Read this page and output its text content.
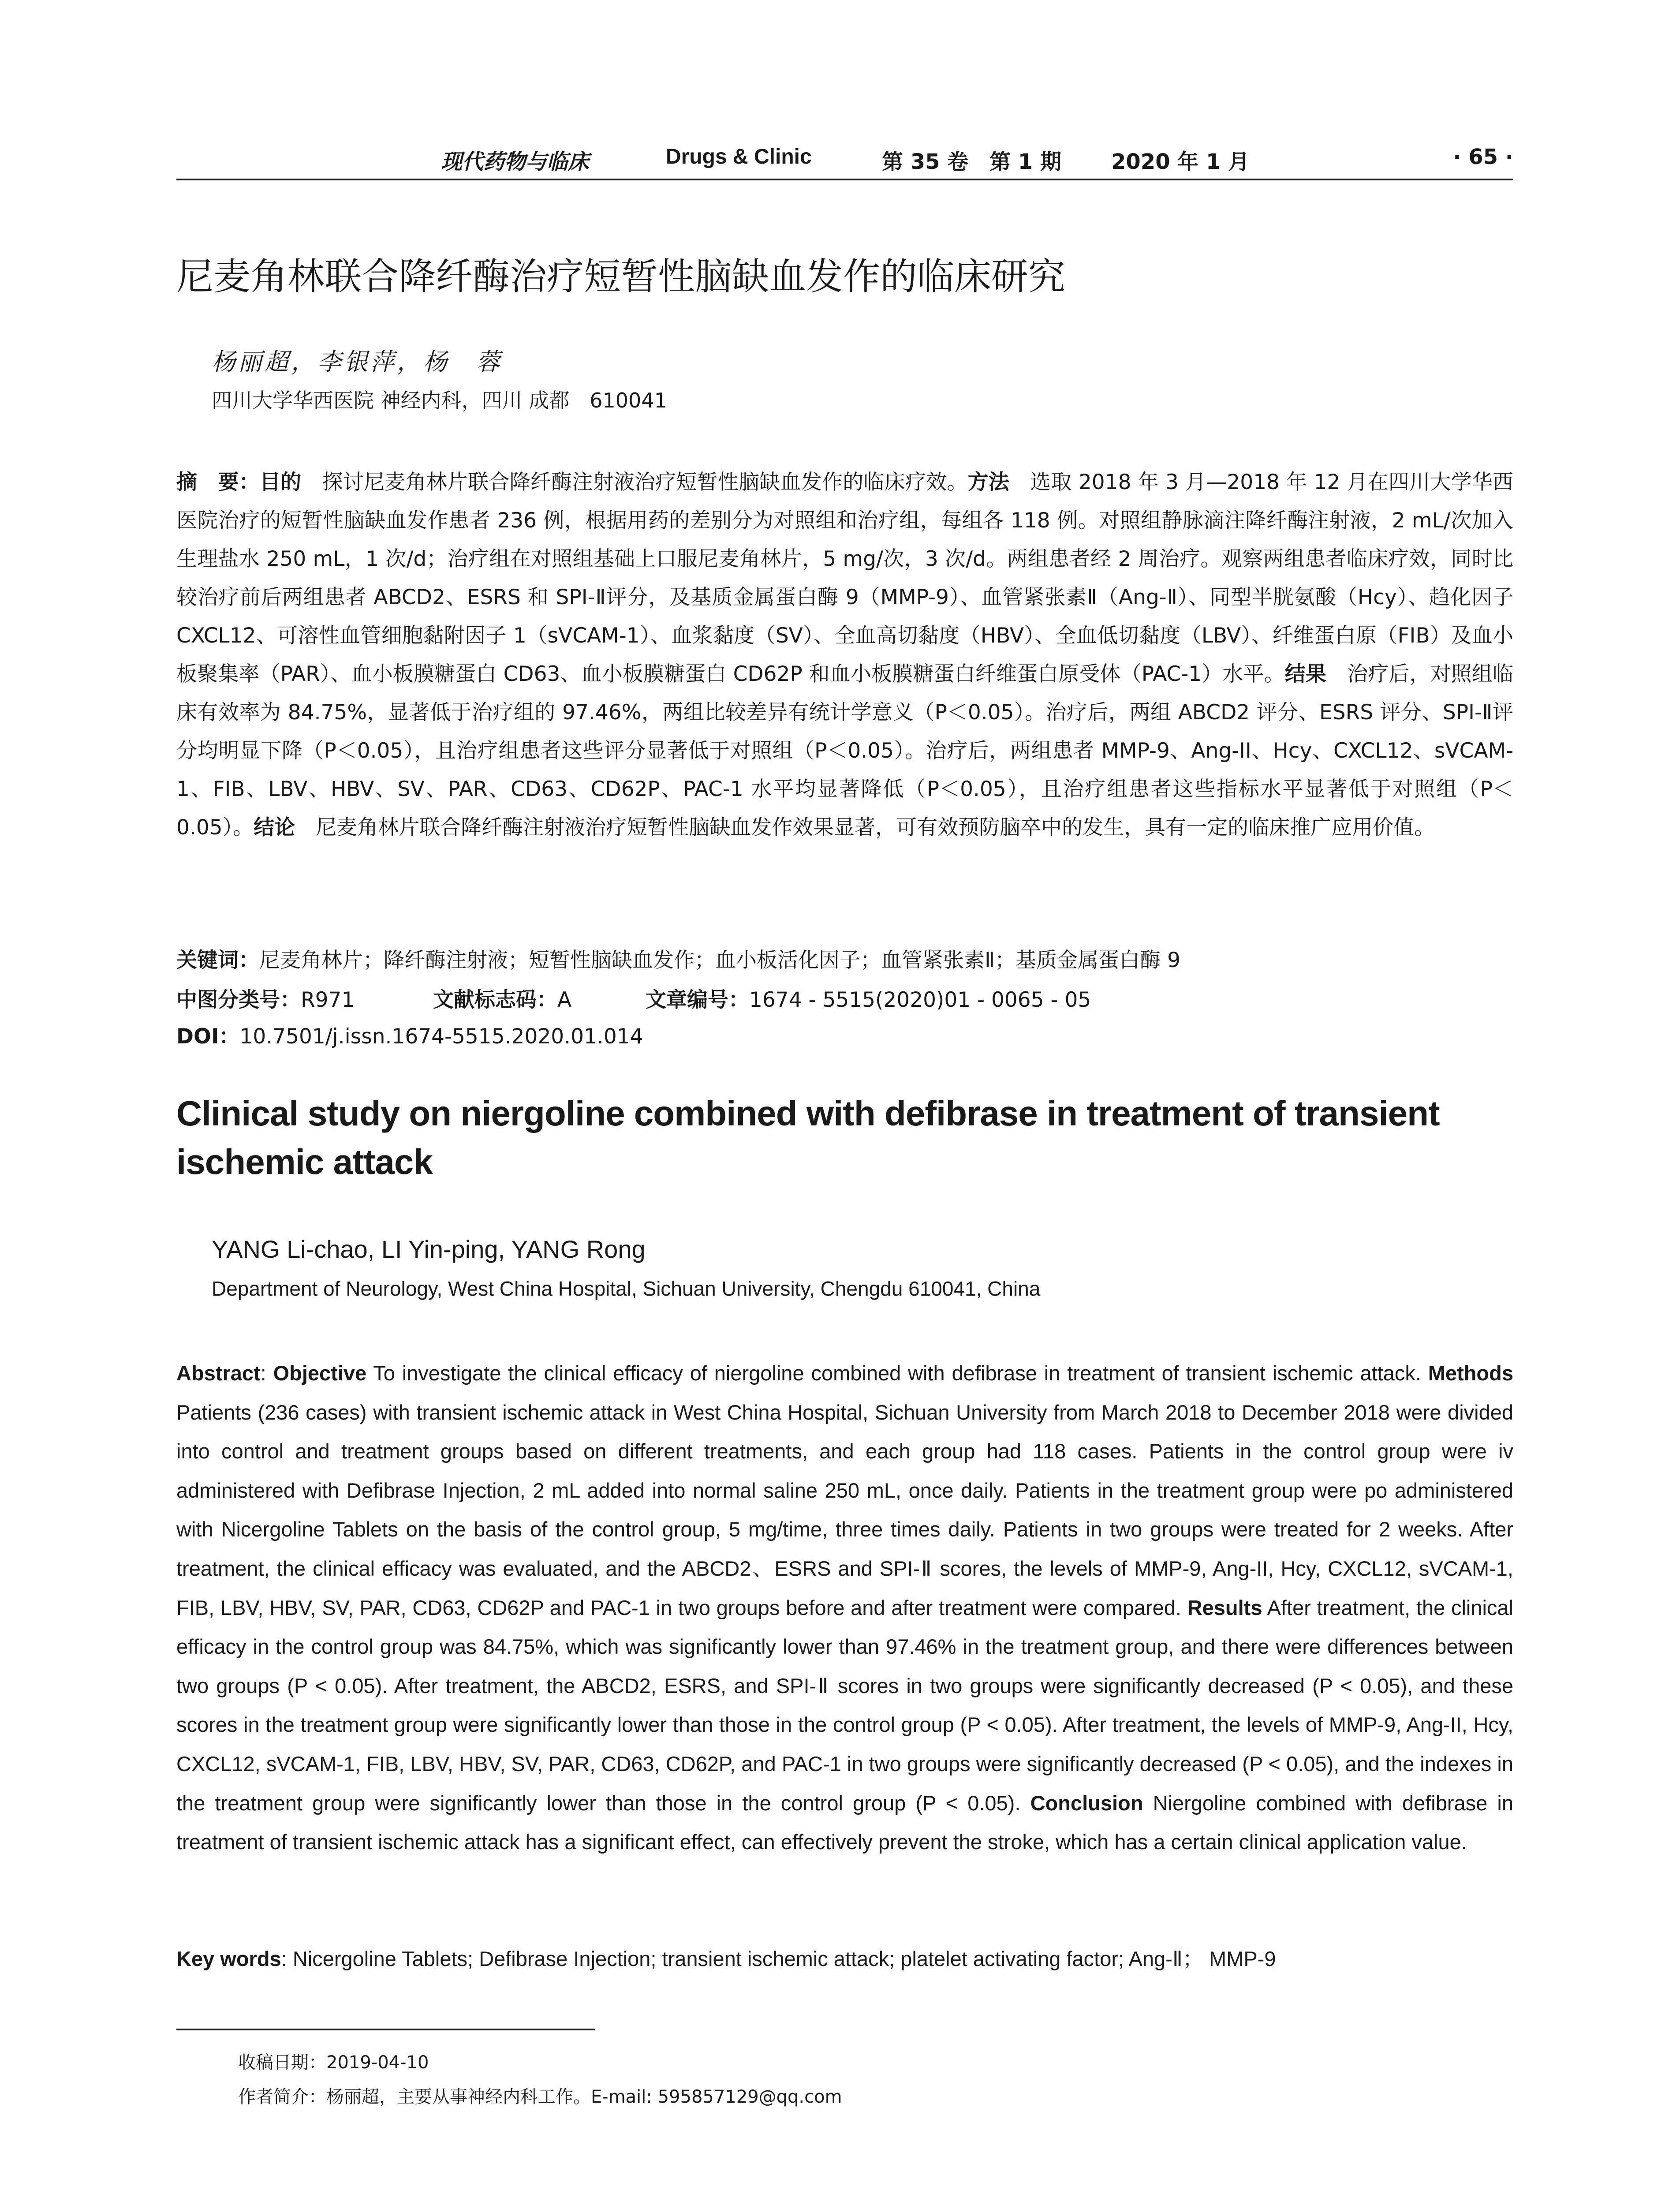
现代药物与临床	Drugs & Clinic	第 35 卷　第 1 期 2020 年 1 月	· 65 ·
尼麦角林联合降纤酶治疗短暂性脑缺血发作的临床研究
杨丽超，李银萍，杨　蓉
四川大学华西医院 神经内科，四川 成都　610041
摘　要：目的　探讨尼麦角林片联合降纤酶注射液治疗短暂性脑缺血发作的临床疗效。方法　选取 2018 年 3 月—2018 年 12 月在四川大学华西医院治疗的短暂性脑缺血发作患者 236 例，根据用药的差别分为对照组和治疗组，每组各 118 例。对照组静脉滴注降纤酶注射液，2 mL/次加入生理盐水 250 mL，1 次/d；治疗组在对照组基础上口服尼麦角林片，5 mg/次，3 次/d。两组患者经 2 周治疗。观察两组患者临床疗效，同时比较治疗前后两组患者 ABCD2、ESRS 和 SPI-Ⅱ评分，及基质金属蛋白酶 9（MMP-9）、血管紧张素Ⅱ（Ang-Ⅱ）、同型半胱氨酸（Hcy）、趋化因子 CXCL12、可溶性血管细胞黏附因子 1（sVCAM-1）、血浆黏度（SV）、全血高切黏度（HBV）、全血低切黏度（LBV）、纤维蛋白原（FIB）及血小板聚集率（PAR）、血小板膜糖蛋白 CD63、血小板膜糖蛋白 CD62P 和血小板膜糖蛋白纤维蛋白原受体（PAC-1）水平。结果　治疗后，对照组临床有效率为 84.75%，显著低于治疗组的 97.46%，两组比较差异有统计学意义（P＜0.05）。治疗后，两组 ABCD2 评分、ESRS 评分、SPI-Ⅱ评分均明显下降（P＜0.05），且治疗组患者这些评分显著低于对照组（P＜0.05）。治疗后，两组患者 MMP-9、Ang-II、Hcy、CXCL12、sVCAM-1、FIB、LBV、HBV、SV、PAR、CD63、CD62P、PAC-1 水平均显著降低（P＜0.05），且治疗组患者这些指标水平显著低于对照组（P＜0.05）。结论　尼麦角林片联合降纤酶注射液治疗短暂性脑缺血发作效果显著，可有效预防脑卒中的发生，具有一定的临床推广应用价值。
关键词：尼麦角林片；降纤酶注射液；短暂性脑缺血发作；血小板活化因子；血管紧张素Ⅱ；基质金属蛋白酶 9
中图分类号：R971	文献标志码：A	文章编号：1674 - 5515(2020)01 - 0065 - 05
DOI：10.7501/j.issn.1674-5515.2020.01.014
Clinical study on niergoline combined with defibrase in treatment of transient ischemic attack
YANG Li-chao, LI Yin-ping, YANG Rong
Department of Neurology, West China Hospital, Sichuan University, Chengdu 610041, China
Abstract: Objective To investigate the clinical efficacy of niergoline combined with defibrase in treatment of transient ischemic attack. Methods Patients (236 cases) with transient ischemic attack in West China Hospital, Sichuan University from March 2018 to December 2018 were divided into control and treatment groups based on different treatments, and each group had 118 cases. Patients in the control group were iv administered with Defibrase Injection, 2 mL added into normal saline 250 mL, once daily. Patients in the treatment group were po administered with Nicergoline Tablets on the basis of the control group, 5 mg/time, three times daily. Patients in two groups were treated for 2 weeks. After treatment, the clinical efficacy was evaluated, and the ABCD2、ESRS and SPI-Ⅱ scores, the levels of MMP-9, Ang-II, Hcy, CXCL12, sVCAM-1, FIB, LBV, HBV, SV, PAR, CD63, CD62P and PAC-1 in two groups before and after treatment were compared. Results After treatment, the clinical efficacy in the control group was 84.75%, which was significantly lower than 97.46% in the treatment group, and there were differences between two groups (P < 0.05). After treatment, the ABCD2, ESRS, and SPI-Ⅱ scores in two groups were significantly decreased (P < 0.05), and these scores in the treatment group were significantly lower than those in the control group (P < 0.05). After treatment, the levels of MMP-9, Ang-II, Hcy, CXCL12, sVCAM-1, FIB, LBV, HBV, SV, PAR, CD63, CD62P, and PAC-1 in two groups were significantly decreased (P < 0.05), and the indexes in the treatment group were significantly lower than those in the control group (P < 0.05). Conclusion Niergoline combined with defibrase in treatment of transient ischemic attack has a significant effect, can effectively prevent the stroke, which has a certain clinical application value.
Key words: Nicergoline Tablets; Defibrase Injection; transient ischemic attack; platelet activating factor; Ang-Ⅱ； MMP-9
收稿日期：2019-04-10
作者简介：杨丽超，主要从事神经内科工作。E-mail: 595857129@qq.com
